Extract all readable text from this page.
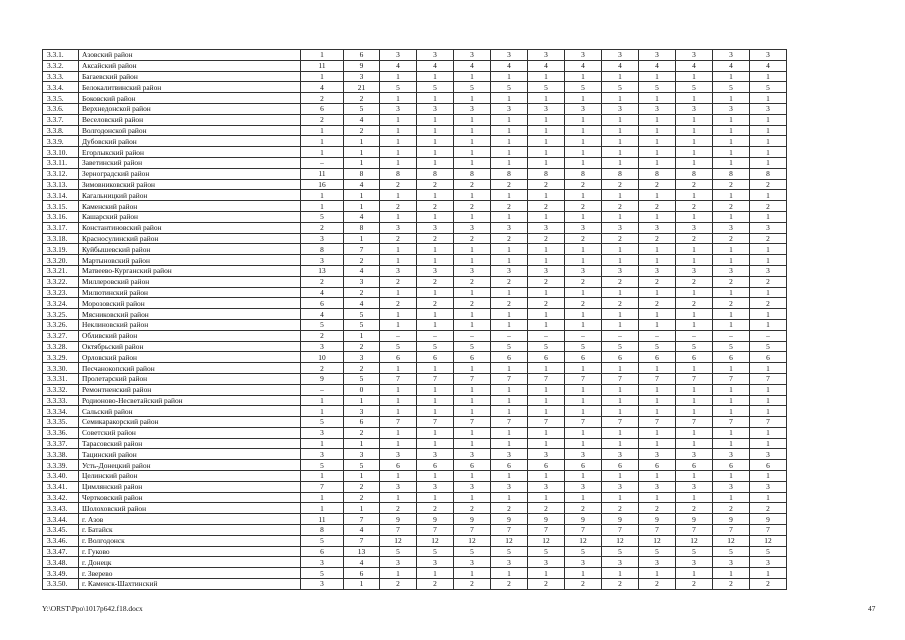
3.3.1.	Азовский район	1	6	3	3	3	3	3	3	3	3	3	3	3
3.3.2.	Аксайский район	11	9	4	4	4	4	4	4	4	4	4	4	4
3.3.3.	Багаевский район	1	3	1	1	1	1	1	1	1	1	1	1	1
3.3.4.	Белокалитвинский район	4	21	5	5	5	5	5	5	5	5	5	5	5
3.3.5.	Боковский район	2	2	1	1	1	1	1	1	1	1	1	1	1
3.3.6.	Верхнедонской район	6	5	3	3	3	3	3	3	3	3	3	3	3
3.3.7.	Веселовский район	2	4	1	1	1	1	1	1	1	1	1	1	1
3.3.8.	Волгодонской район	1	2	1	1	1	1	1	1	1	1	1	1	1
3.3.9.	Дубовский район	1	1	1	1	1	1	1	1	1	1	1	1	1
3.3.10.	Егорлыкский район	1	1	1	1	1	1	1	1	1	1	1	1	1
3.3.11.	Заветинский район	–	1	1	1	1	1	1	1	1	1	1	1	1
3.3.12.	Зерноградский район	11	8	8	8	8	8	8	8	8	8	8	8	8
3.3.13.	Зимовниковский район	16	4	2	2	2	2	2	2	2	2	2	2	2
3.3.14.	Кагальницкий район	1	1	1	1	1	1	1	1	1	1	1	1	1
3.3.15.	Каменский район	1	1	2	2	2	2	2	2	2	2	2	2	2
3.3.16.	Кашарский район	5	4	1	1	1	1	1	1	1	1	1	1	1
3.3.17.	Константиновский район	2	8	3	3	3	3	3	3	3	3	3	3	3
3.3.18.	Красносулинский район	3	1	2	2	2	2	2	2	2	2	2	2	2
3.3.19.	Куйбышевский район	8	7	1	1	1	1	1	1	1	1	1	1	1
3.3.20.	Мартыновский район	3	2	1	1	1	1	1	1	1	1	1	1	1
3.3.21.	Матвеево-Курганский район	13	4	3	3	3	3	3	3	3	3	3	3	3
3.3.22.	Миллеровский район	2	3	2	2	2	2	2	2	2	2	2	2	2
3.3.23.	Милютинский район	4	2	1	1	1	1	1	1	1	1	1	1	1
3.3.24.	Морозовский район	6	4	2	2	2	2	2	2	2	2	2	2	2
3.3.25.	Мясниковский район	4	5	1	1	1	1	1	1	1	1	1	1	1
3.3.26.	Неклиновский район	5	5	1	1	1	1	1	1	1	1	1	1	1
3.3.27.	Обливский район	2	1	–	–	–	–	–	–	–	–	–	–	–
3.3.28.	Октябрьский район	3	2	5	5	5	5	5	5	5	5	5	5	5
3.3.29.	Орловский район	10	3	6	6	6	6	6	6	6	6	6	6	6
3.3.30.	Песчанокопский район	2	2	1	1	1	1	1	1	1	1	1	1	1
3.3.31.	Пролетарский район	9	5	7	7	7	7	7	7	7	7	7	7	7
3.3.32.	Ремонтненский район	–	0	1	1	1	1	1	1	1	1	1	1	1
3.3.33.	Родионово-Несветайский район	1	1	1	1	1	1	1	1	1	1	1	1	1
3.3.34.	Сальский район	1	3	1	1	1	1	1	1	1	1	1	1	1
3.3.35.	Семикаракорский район	5	6	7	7	7	7	7	7	7	7	7	7	7
3.3.36.	Советский район	3	2	1	1	1	1	1	1	1	1	1	1	1
3.3.37.	Тарасовский район	1	1	1	1	1	1	1	1	1	1	1	1	1
3.3.38.	Тацинский район	3	3	3	3	3	3	3	3	3	3	3	3	3
3.3.39.	Усть-Донецкий район	5	5	6	6	6	6	6	6	6	6	6	6	6
3.3.40.	Целинский район	1	1	1	1	1	1	1	1	1	1	1	1	1
3.3.41.	Цимлянский район	7	2	3	3	3	3	3	3	3	3	3	3	3
3.3.42.	Чертковский район	1	2	1	1	1	1	1	1	1	1	1	1	1
3.3.43.	Шолоховский район	1	1	2	2	2	2	2	2	2	2	2	2	2
3.3.44.	г. Азов	11	7	9	9	9	9	9	9	9	9	9	9	9
3.3.45.	г. Батайск	8	4	7	7	7	7	7	7	7	7	7	7	7
3.3.46.	г. Волгодонск	5	7	12	12	12	12	12	12	12	12	12	12	12
3.3.47.	г. Гуково	6	13	5	5	5	5	5	5	5	5	5	5	5
3.3.48.	г. Донецк	3	4	3	3	3	3	3	3	3	3	3	3	3
3.3.49.	г. Зверево	5	6	1	1	1	1	1	1	1	1	1	1	1
3.3.50.	г. Каменск-Шахтинский	3	1	2	2	2	2	2	2	2	2	2	2	2
Y:\ORST\Ppo\1017p642.f18.docx	47
